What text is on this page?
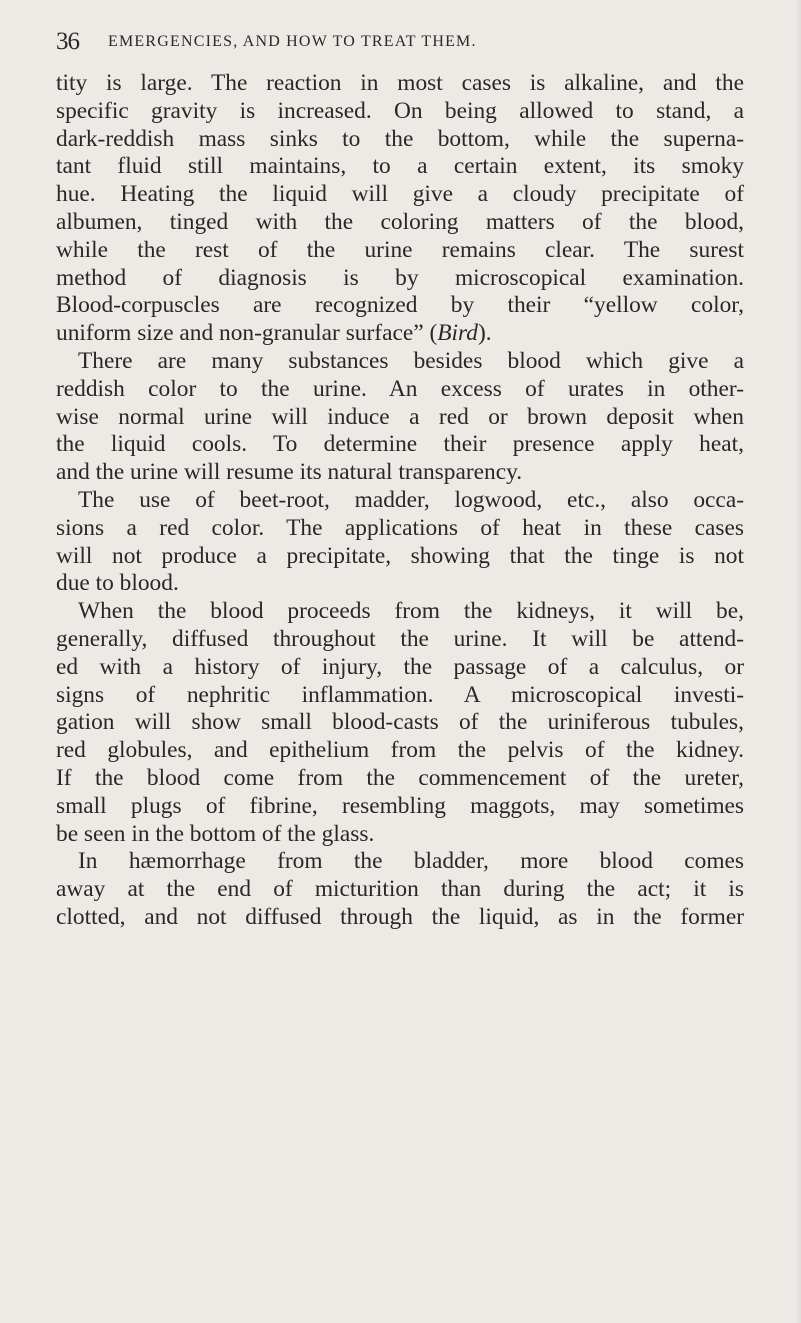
36 EMERGENCIES, AND HOW TO TREAT THEM.
tity is large. The reaction in most cases is alkaline, and the
specific gravity is increased. On being allowed to stand, a
dark-reddish mass sinks to the bottom, while the superna-
tant fluid still maintains, to a certain extent, its smoky
hue. Heating the liquid will give a cloudy precipitate of
albumen, tinged with the coloring matters of the blood,
while the rest of the urine remains clear. The surest
method of diagnosis is by microscopical examination.
Blood-corpuscles are recognized by their “yellow color,
uniform size and non-granular surface” (Bird).
There are many substances besides blood which give a
reddish color to the urine. An excess of urates in other-
wise normal urine will induce a red or brown deposit when
the liquid cools. To determine their presence apply heat,
and the urine will resume its natural transparency.
The use of beet-root, madder, logwood, etc., also occa-
sions a red color. The applications of heat in these cases
will not produce a precipitate, showing that the tinge is not
due to blood.
When the blood proceeds from the kidneys, it will be,
generally, diffused throughout the urine. It will be attend-
ed with a history of injury, the passage of a calculus, or
signs of nephritic inflammation. A microscopical investi-
gation will show small blood-casts of the uriniferous tubules,
red globules, and epithelium from the pelvis of the kidney.
If the blood come from the commencement of the ureter,
small plugs of fibrine, resembling maggots, may sometimes
be seen in the bottom of the glass.
In hæmorrhage from the bladder, more blood comes
away at the end of micturition than during the act; it is
clotted, and not diffused through the liquid, as in the former
